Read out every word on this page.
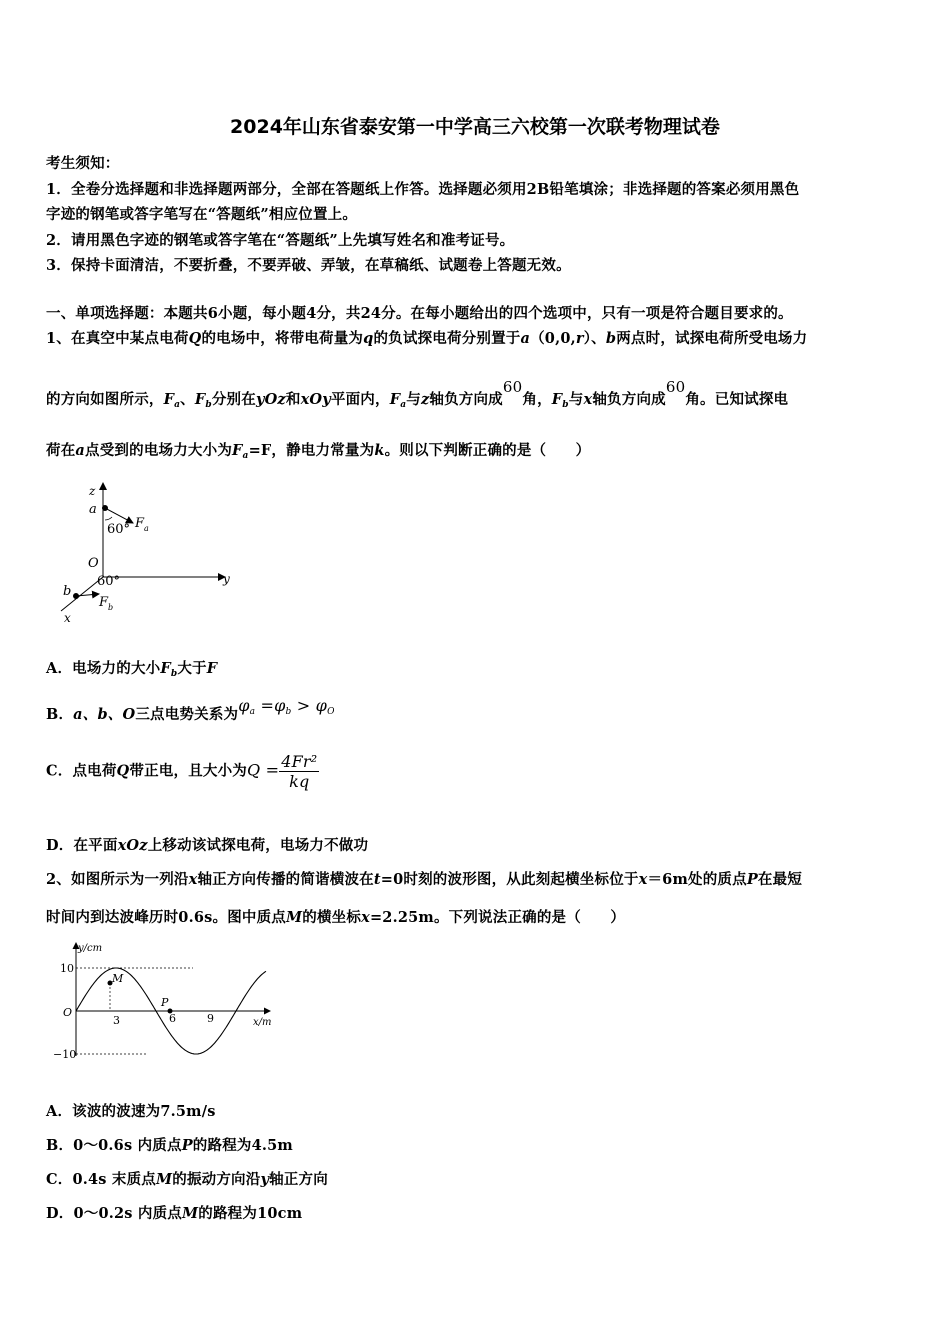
2024年山东省泰安第一中学高三六校第一次联考物理试卷
考生须知：
1．全卷分选择题和非选择题两部分，全部在答题纸上作答。选择题必须用2B铅笔填涂；非选择题的答案必须用黑色
字迹的钢笔或答字笔写在“答题纸”相应位置上。
2．请用黑色字迹的钢笔或答字笔在“答题纸”上先填写姓名和准考证号。
3．保持卡面清洁，不要折叠，不要弄破、弄皱，在草稿纸、试题卷上答题无效。
一、单项选择题：本题共6小题，每小题4分，共24分。在每小题给出的四个选项中，只有一项是符合题目要求的。
1、在真空中某点电荷Q的电场中，将带电荷量为q的负试探电荷分别置于a（0,0,r）、b两点时，试探电荷所受电场力
的方向如图所示，$F_a$、$F_b$分别在yOz和xOy平面内，$F_a$与z轴负方向成60角，$F_b$与x轴负方向成60角。已知试探电
荷在a点受到的电场力大小为$F_a=F$，静电力常量为k。则以下判断正确的是（　　）
z
a
60° F a
O
y
60°
b
F b
x
A．电场力的大小$F_b$大于F
B．a、b、O三点电势关系为$\varphi_a =\varphi_b > \varphi_O$
C．点电荷Q带正电，且大小为$Q = \frac{\text{4Fr²}}{kq}$
D．在平面xOz上移动该试探电荷，电场力不做功
2、如图所示为一列沿x轴正方向传播的简谐横波在t=0时刻的波形图，从此刻起横坐标位于x＝6m处的质点P在最短
时间内到达波峰历时0.6s。图中质点M的横坐标x=2.25m。下列说法正确的是（　　）
y/cm
x/m
10
−10
O
3	6	9
M
P
A．该波的波速为7.5m/s
B．0～0.6s 内质点P的路程为4.5m
C．0.4s 末质点M的振动方向沿y轴正方向
D．0～0.2s 内质点M的路程为10cm
